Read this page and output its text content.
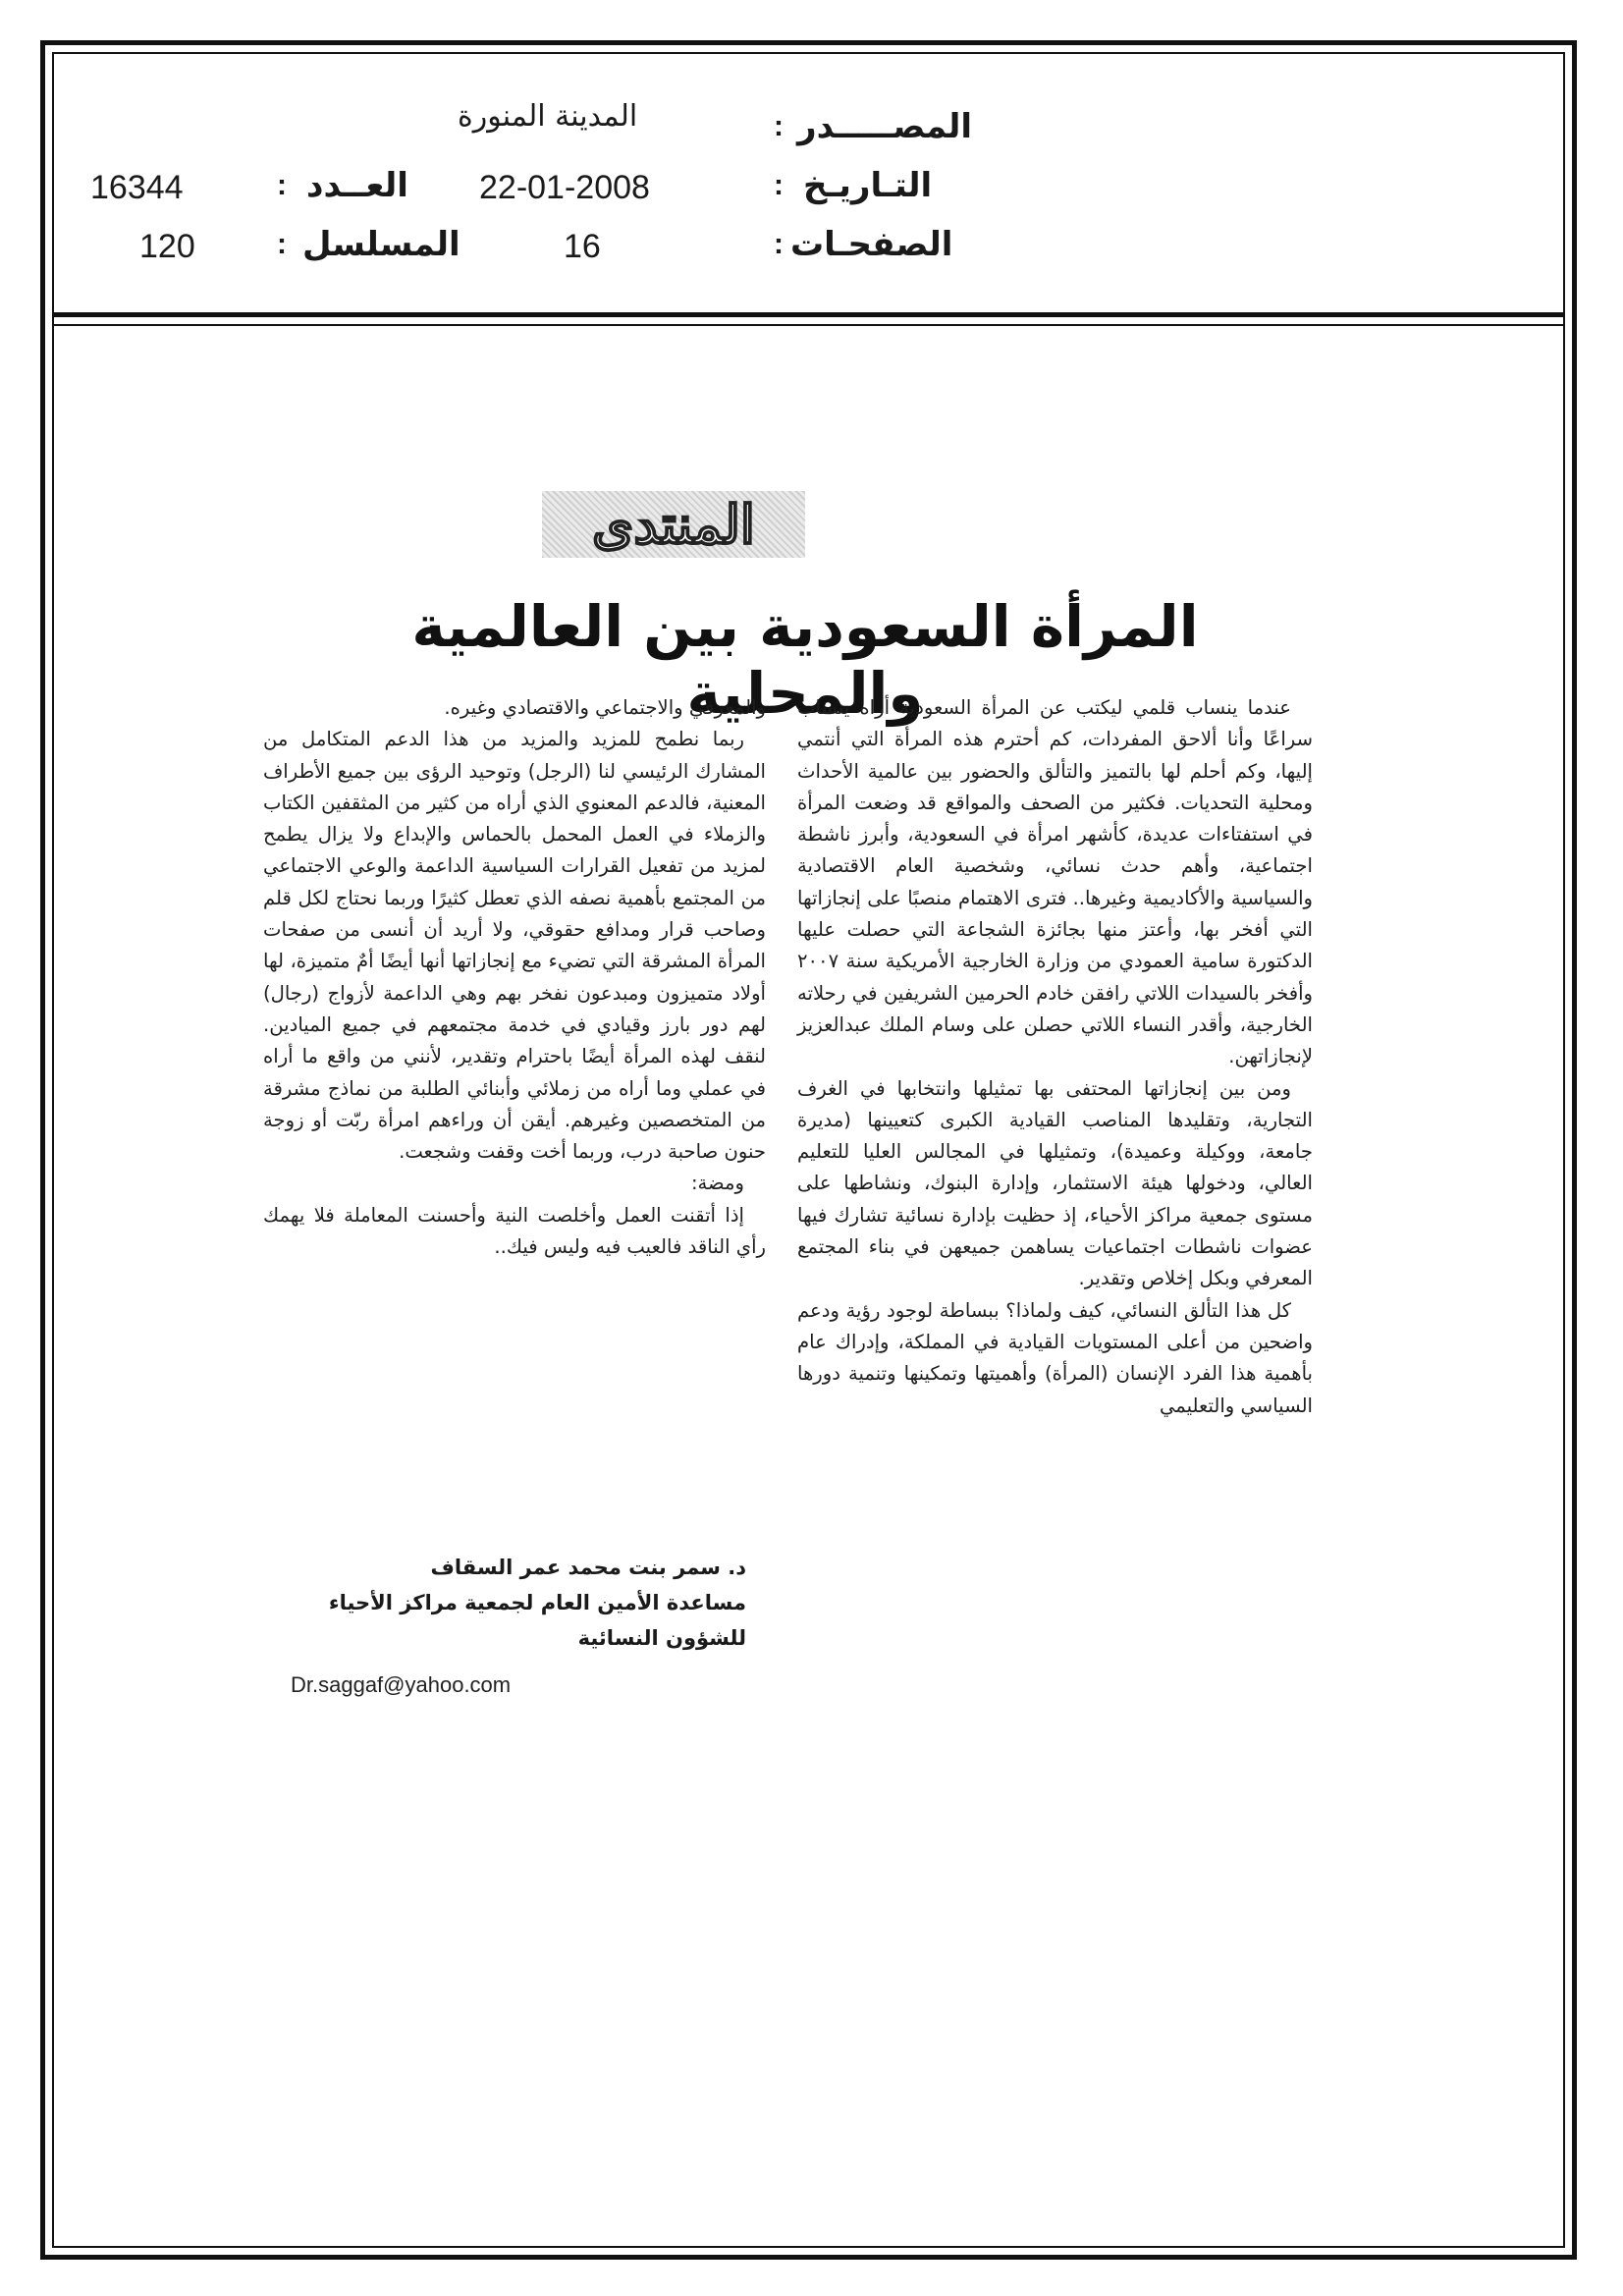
المصـــــدر
:
المدينة المنورة
التـاريـخ
:
22-01-2008
الصفحـات
:
16
العــدد
:
16344
المسلسل
:
120
المنتدى
المرأة السعودية بين العالمية والمحلية

عندما ينساب قلمي ليكتب عن المرأة السعودية أراه ينساب سراعًا وأنا ألاحق المفردات، كم أحترم هذه المرأة التي أنتمي إليها، وكم أحلم لها بالتميز والتألق والحضور بين عالمية الأحداث ومحلية التحديات. فكثير من الصحف والمواقع قد وضعت المرأة في استفتاءات عديدة، كأشهر امرأة في السعودية، وأبرز ناشطة اجتماعية، وأهم حدث نسائي، وشخصية العام الاقتصادية والسياسية والأكاديمية وغيرها.. فترى الاهتمام منصبًا على إنجازاتها التي أفخر بها، وأعتز منها بجائزة الشجاعة التي حصلت عليها الدكتورة سامية العمودي من وزارة الخارجية الأمريكية سنة ٢٠٠٧ وأفخر بالسيدات اللاتي رافقن خادم الحرمين الشريفين في رحلاته الخارجية، وأقدر النساء اللاتي حصلن على وسام الملك عبدالعزيز لإنجازاتهن.

ومن بين إنجازاتها المحتفى بها تمثيلها وانتخابها في الغرف التجارية، وتقليدها المناصب القيادية الكبرى كتعيينها (مديرة جامعة، ووكيلة وعميدة)، وتمثيلها في المجالس العليا للتعليم العالي، ودخولها هيئة الاستثمار، وإدارة البنوك، ونشاطها على مستوى جمعية مراكز الأحياء، إذ حظيت بإدارة نسائية تشارك فيها عضوات ناشطات اجتماعيات يساهمن جميعهن في بناء المجتمع المعرفي وبكل إخلاص وتقدير.

كل هذا التألق النسائي، كيف ولماذا؟ ببساطة لوجود رؤية ودعم واضحين من أعلى المستويات القيادية في المملكة، وإدراك عام بأهمية هذا الفرد الإنسان (المرأة) وأهميتها وتمكينها وتنمية دورها السياسي والتعليمي

والمعرفي والاجتماعي والاقتصادي وغيره.

ربما نطمح للمزيد والمزيد من هذا الدعم المتكامل من المشارك الرئيسي لنا (الرجل) وتوحيد الرؤى بين جميع الأطراف المعنية، فالدعم المعنوي الذي أراه من كثير من المثقفين الكتاب والزملاء في العمل المحمل بالحماس والإبداع ولا يزال يطمح لمزيد من تفعيل القرارات السياسية الداعمة والوعي الاجتماعي من المجتمع بأهمية نصفه الذي تعطل كثيرًا وربما نحتاج لكل قلم وصاحب قرار ومدافع حقوقي، ولا أريد أن أنسى من صفحات المرأة المشرقة التي تضيء مع إنجازاتها أنها أيضًا أمٌ متميزة، لها أولاد متميزون ومبدعون نفخر بهم وهي الداعمة لأزواج (رجال) لهم دور بارز وقيادي في خدمة مجتمعهم في جميع الميادين. لنقف لهذه المرأة أيضًا باحترام وتقدير، لأنني من واقع ما أراه في عملي وما أراه من زملائي وأبنائي الطلبة من نماذج مشرقة من المتخصصين وغيرهم. أيقن أن وراءهم امرأة ربّت أو زوجة حنون صاحبة درب، وربما أخت وقفت وشجعت.

ومضة:

إذا أتقنت العمل وأخلصت النية وأحسنت المعاملة فلا يهمك رأي الناقد فالعيب فيه وليس فيك..

د. سمر بنت محمد عمر السقاف
مساعدة الأمين العام لجمعية مراكز الأحياء
للشؤون النسائية
Dr.saggaf@yahoo.com
